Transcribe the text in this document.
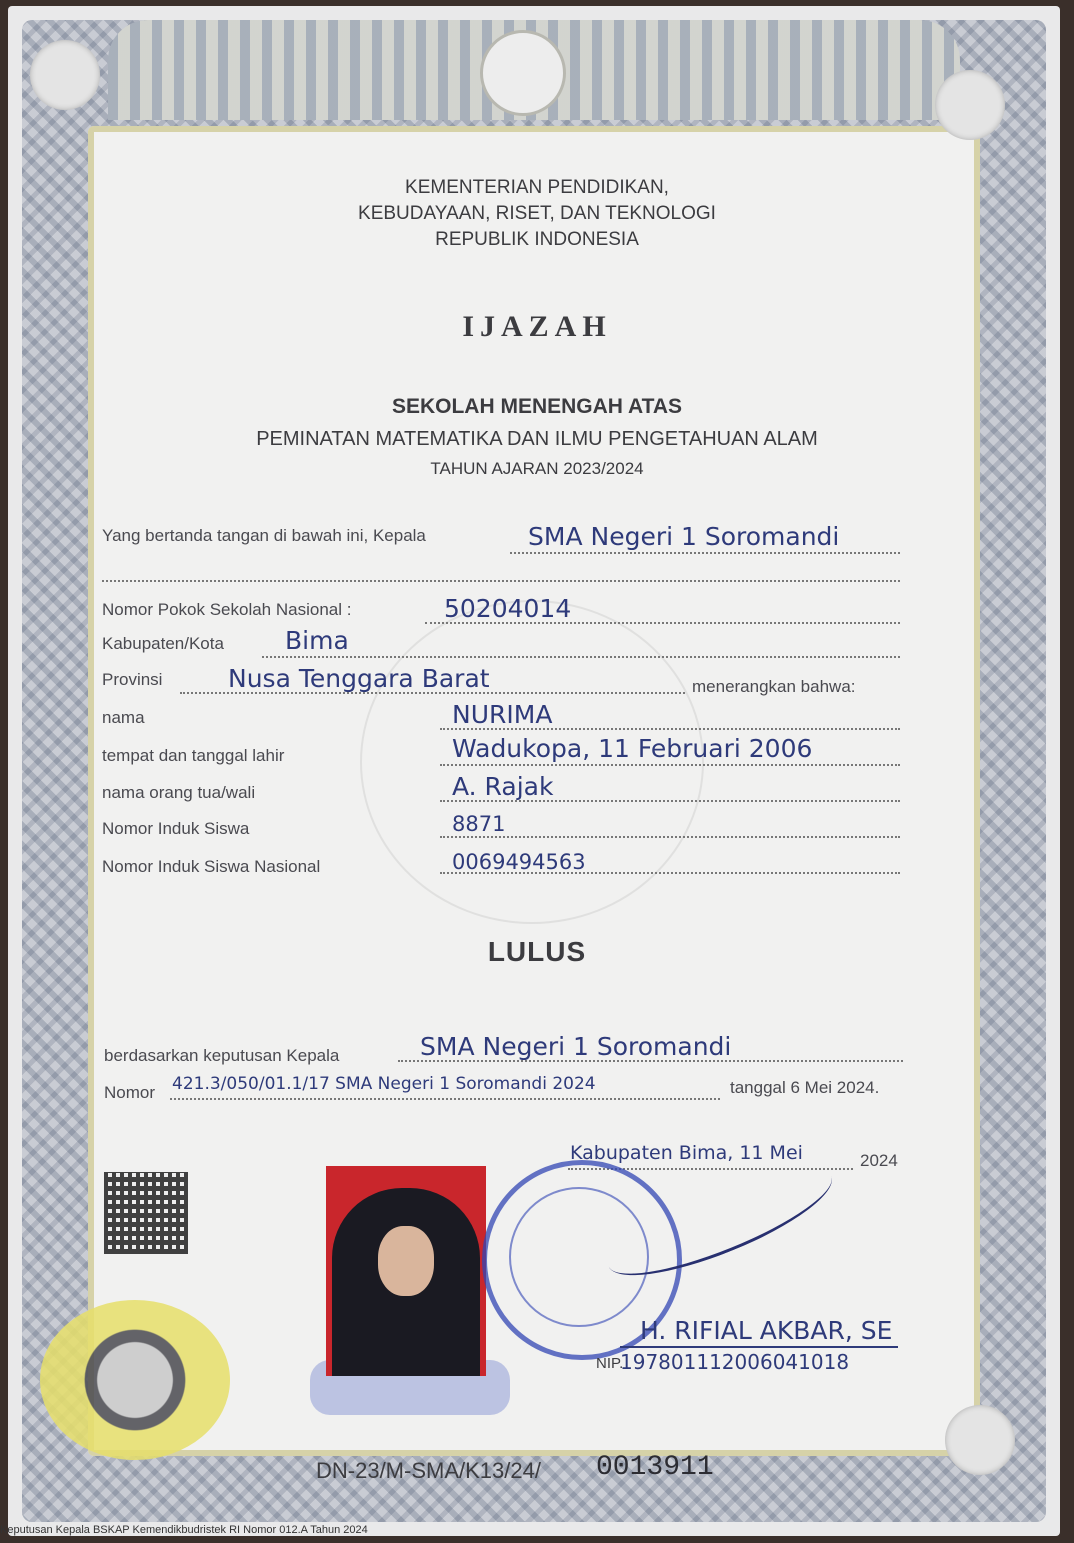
KEMENTERIAN PENDIDIKAN,
KEBUDAYAAN, RISET, DAN TEKNOLOGI
REPUBLIK INDONESIA
IJAZAH
SEKOLAH MENENGAH ATAS
PEMINATAN MATEMATIKA DAN ILMU PENGETAHUAN ALAM
TAHUN AJARAN 2023/2024
Yang bertanda tangan di bawah ini, Kepala	SMA Negeri 1 Soromandi
Nomor Pokok Sekolah Nasional :	50204014
Kabupaten/Kota Bima
Provinsi	Nusa Tenggara Barat	menerangkan bahwa:
nama	NURIMA
tempat dan tanggal lahir	Wadukopa, 11 Februari 2006
nama orang tua/wali	A. Rajak
Nomor Induk Siswa	8871
Nomor Induk Siswa Nasional	0069494563
LULUS
berdasarkan keputusan Kepala	SMA Negeri 1 Soromandi
Nomor 421.3/050/01.1/17 SMA Negeri 1 Soromandi 2024	tanggal 6 Mei 2024.
Kabupaten Bima, 11 Mei	2024
H. RIFIAL AKBAR, SE
NIP.
197801112006041018
DN-23/M-SMA/K13/24/ 0013911
Keputusan Kepala BSKAP Kemendikbudristek RI Nomor 012.A Tahun 2024
